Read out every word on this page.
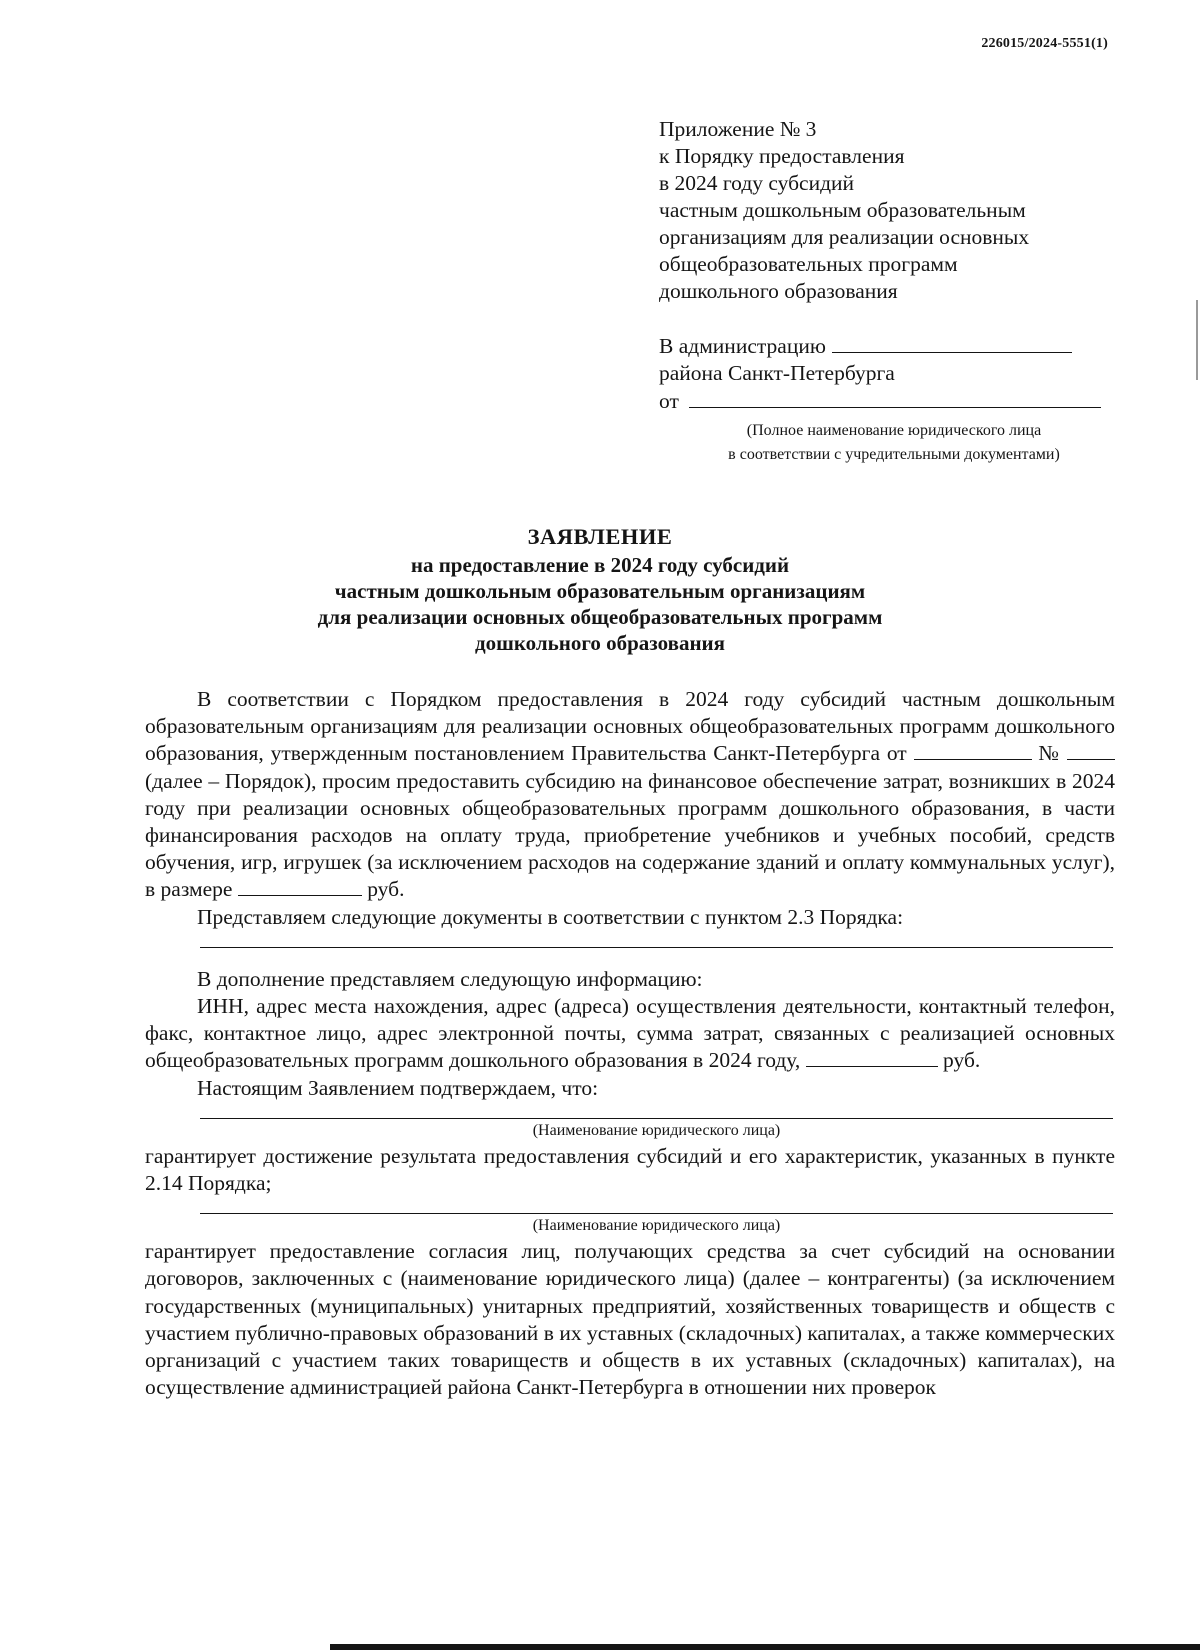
226015/2024-5551(1)
Приложение № 3
к Порядку предоставления
в 2024 году субсидий
частным дошкольным образовательным
организациям для реализации основных
общеобразовательных программ
дошкольного образования
В администрацию
района Санкт-Петербурга
от
(Полное наименование юридического лица
в соответствии с учредительными документами)
ЗАЯВЛЕНИЕ
на предоставление в 2024 году субсидий
частным дошкольным образовательным организациям
для реализации основных общеобразовательных программ
дошкольного образования

В соответствии с Порядком предоставления в 2024 году субсидий частным дошкольным образовательным организациям для реализации основных общеобразовательных программ дошкольного образования, утвержденным постановлением Правительства Санкт-Петербурга от	№  (далее – Порядок), просим предоставить субсидию на финансовое обеспечение затрат, возникших в 2024 году при реализации основных общеобразовательных программ дошкольного образования, в части финансирования расходов на оплату труда, приобретение учебников и учебных пособий, средств обучения, игр, игрушек (за исключением расходов на содержание зданий и оплату коммунальных услуг), в размере	руб.

Представляем следующие документы в соответствии с пунктом 2.3 Порядка:

В дополнение представляем следующую информацию:

ИНН, адрес места нахождения, адрес (адреса) осуществления деятельности, контактный телефон, факс, контактное лицо, адрес электронной почты, сумма затрат, связанных с реализацией основных общеобразовательных программ дошкольного образования в 2024 году,	руб.

Настоящим Заявлением подтверждаем, что:

(Наименование юридического лица)

гарантирует достижение результата предоставления субсидий и его характеристик, указанных в пункте 2.14 Порядка;

(Наименование юридического лица)

гарантирует предоставление согласия лиц, получающих средства за счет субсидий на основании договоров, заключенных с (наименование юридического лица) (далее – контрагенты) (за исключением государственных (муниципальных) унитарных предприятий, хозяйственных товариществ и обществ с участием публично-правовых образований в их уставных (складочных) капиталах, а также коммерческих организаций с участием таких товариществ и обществ в их уставных (складочных) капиталах), на осуществление администрацией района Санкт-Петербурга в отношении них проверок
